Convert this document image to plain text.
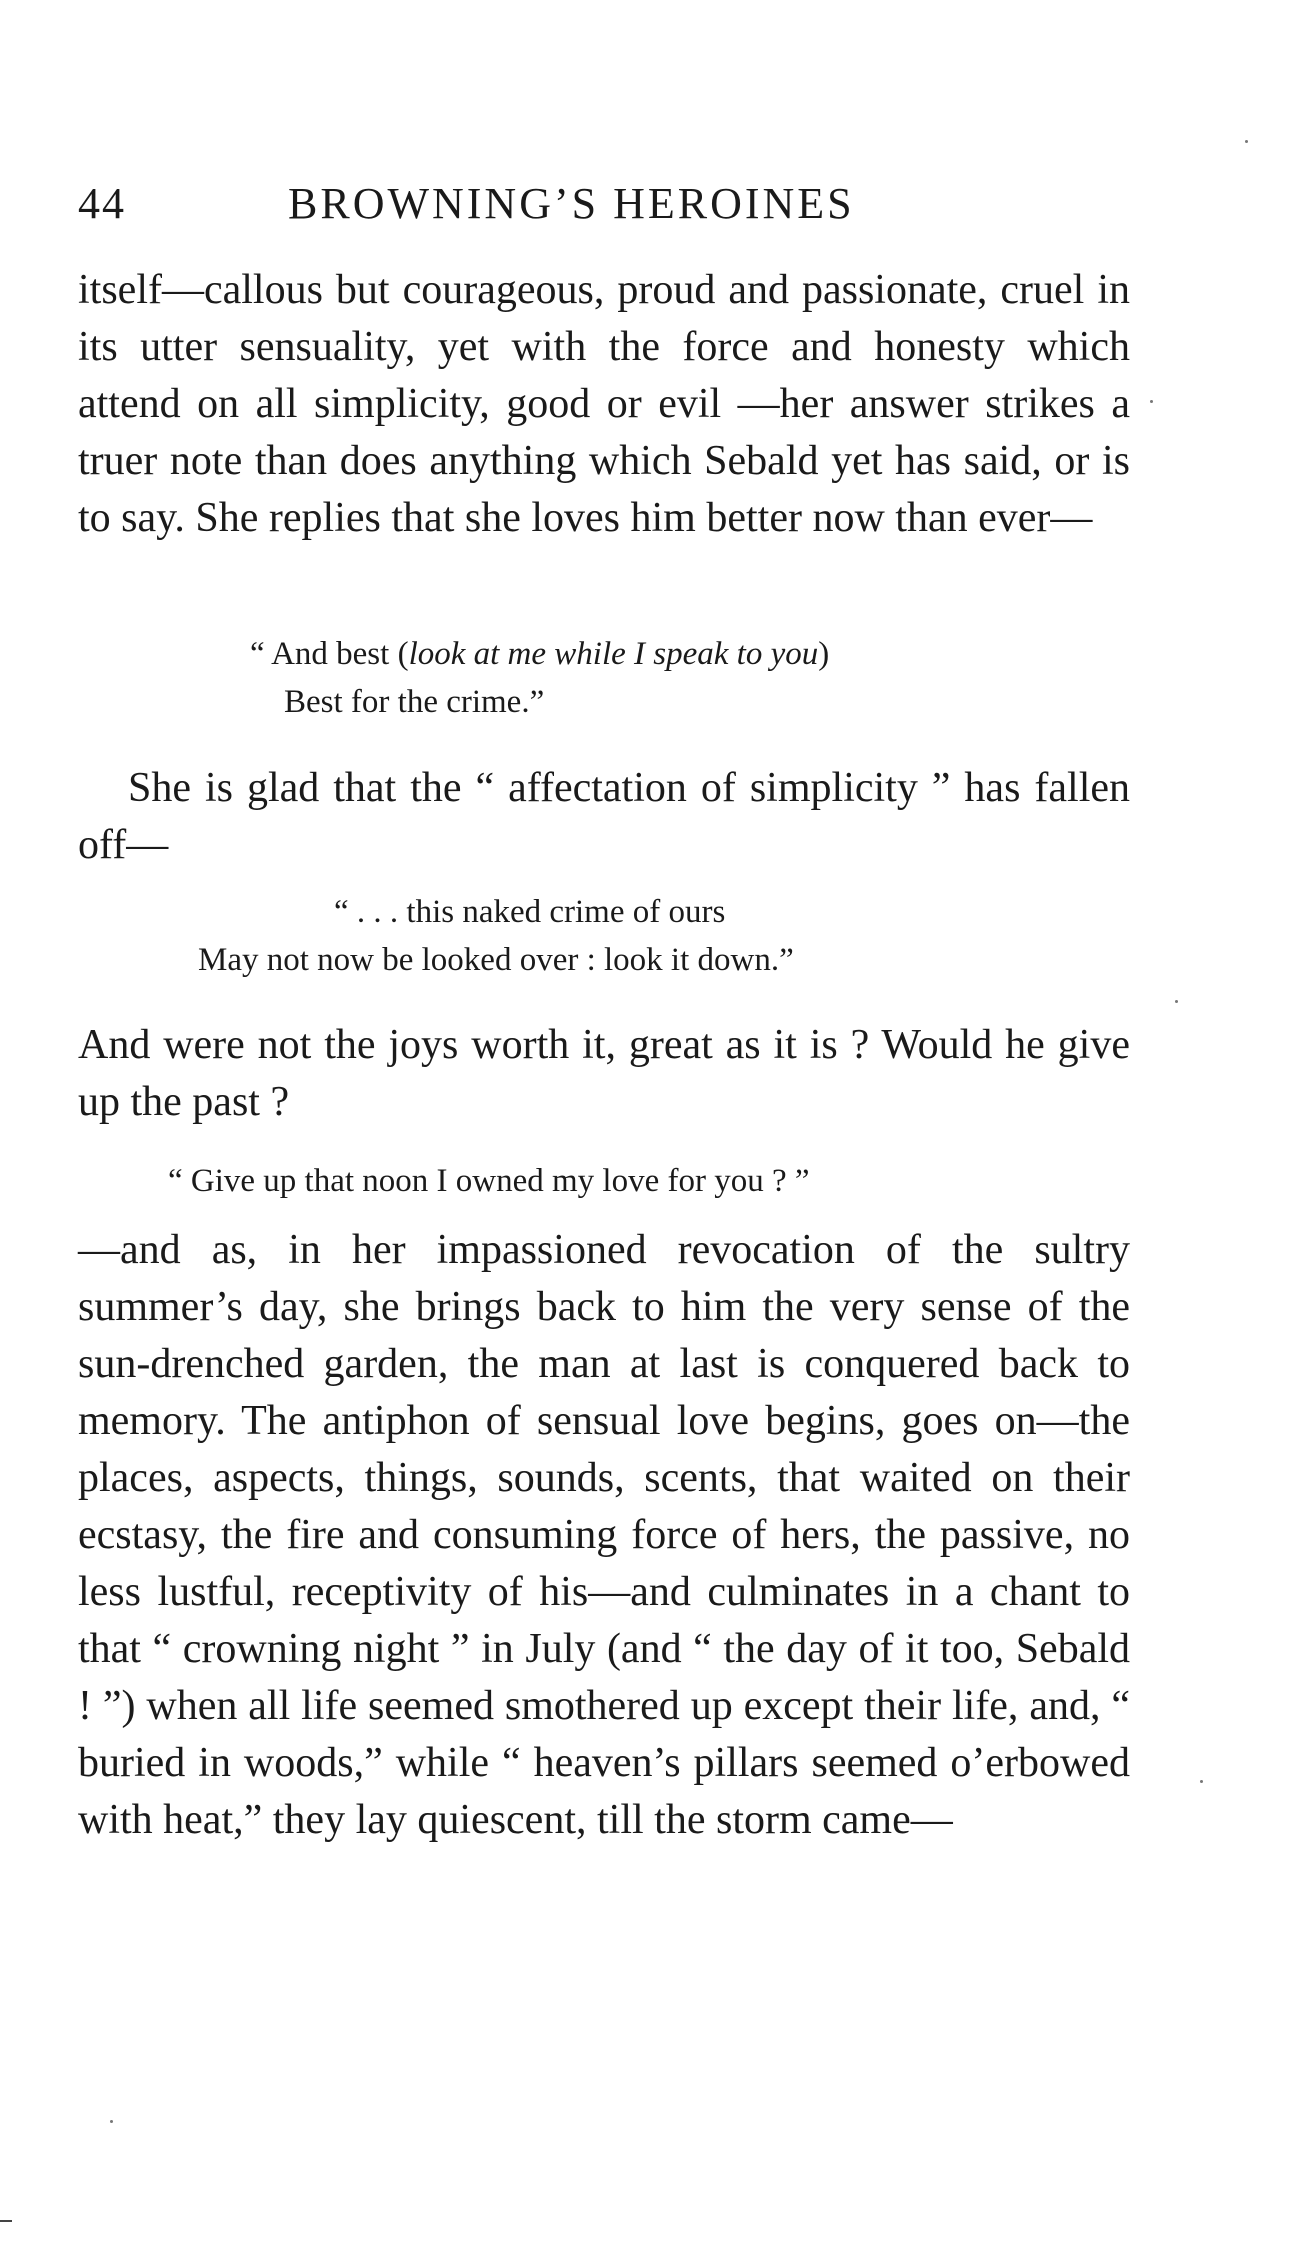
44	BROWNING’S HEROINES

itself—callous but courageous, proud and passionate, cruel in its utter sensuality, yet with the force and honesty which attend on all simplicity, good or evil —her answer strikes a truer note than does anything which Sebald yet has said, or is to say. She replies that she loves him better now than ever—

“ And best (look at me while I speak to you)
Best for the crime.”

She is glad that the “ affectation of simplicity ” has fallen off—

“ . . . this naked crime of ours
May not now be looked over : look it down.”

And were not the joys worth it, great as it is ? Would he give up the past ?

“ Give up that noon I owned my love for you ? ”

—and as, in her impassioned revocation of the sultry summer’s day, she brings back to him the very sense of the sun-drenched garden, the man at last is conquered back to memory. The antiphon of sensual love begins, goes on—the places, aspects, things, sounds, scents, that waited on their ecstasy, the fire and consuming force of hers, the passive, no less lustful, receptivity of his—and culminates in a chant to that “ crowning night ” in July (and “ the day of it too, Sebald ! ”) when all life seemed smothered up except their life, and, “ buried in woods,” while “ heaven’s pillars seemed o’erbowed with heat,” they lay quiescent, till the storm came—
